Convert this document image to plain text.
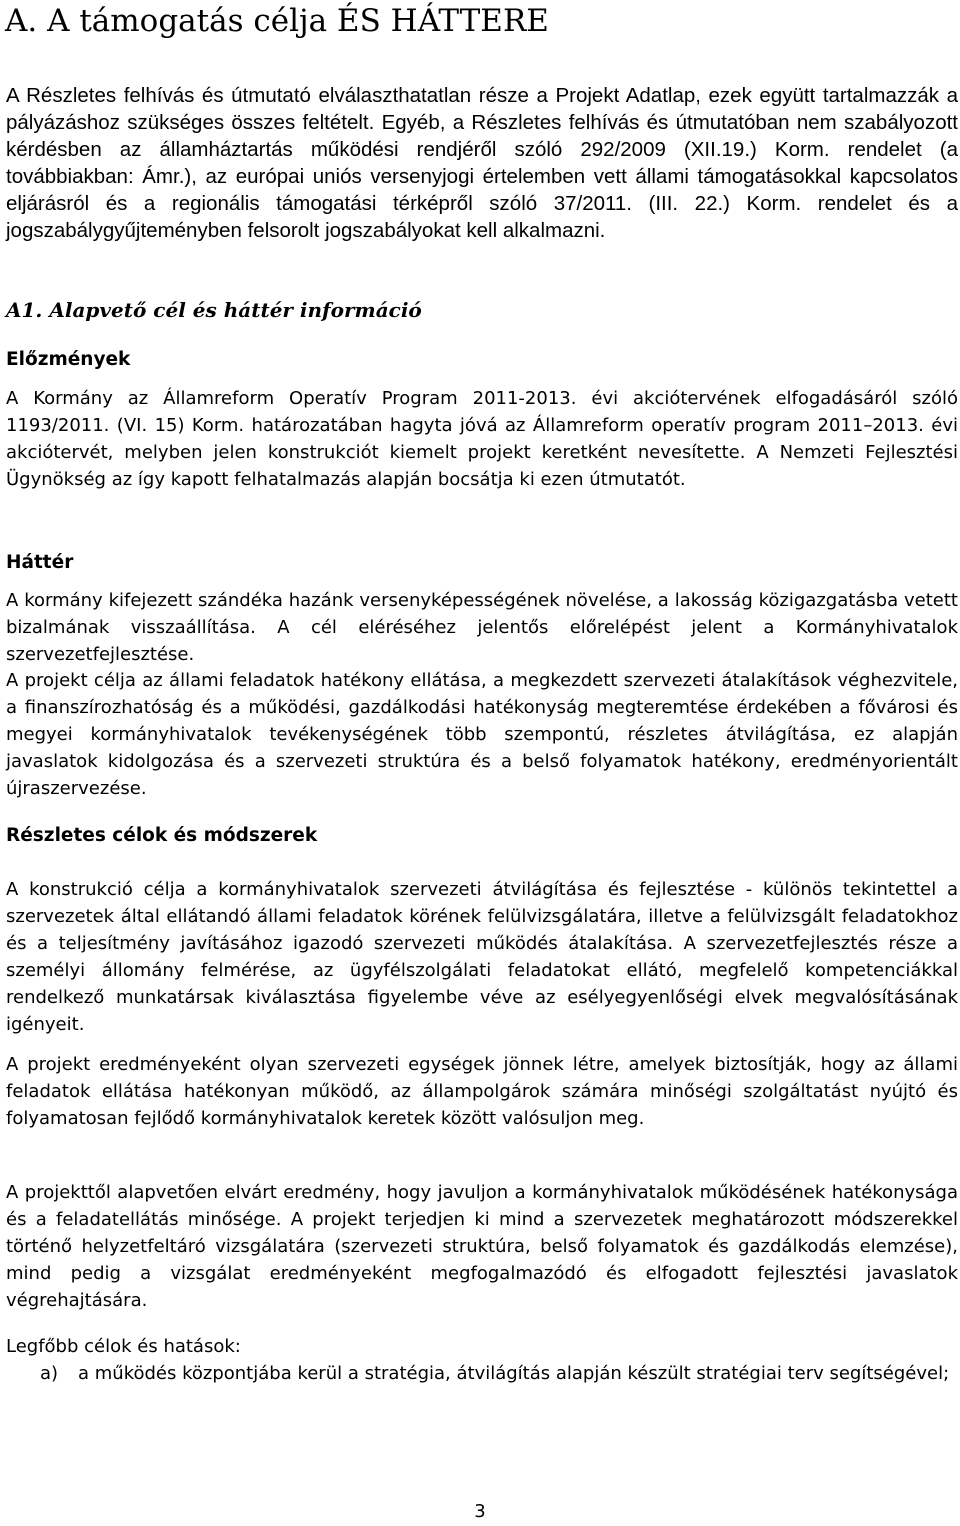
A. A támogatás célja ÉS HÁTTERE
A Részletes felhívás és útmutató elválaszthatatlan része a Projekt Adatlap, ezek együtt tartalmazzák a pályázáshoz szükséges összes feltételt. Egyéb, a Részletes felhívás és útmutatóban nem szabályozott kérdésben az államháztartás működési rendjéről szóló 292/2009 (XII.19.) Korm. rendelet (a továbbiakban: Ámr.), az európai uniós versenyjogi értelemben vett állami támogatásokkal kapcsolatos eljárásról és a regionális támogatási térképről szóló 37/2011. (III. 22.) Korm. rendelet és a jogszabálygyűjteményben felsorolt jogszabályokat kell alkalmazni.
A1. Alapvető cél és háttér információ
Előzmények
A Kormány az Államreform Operatív Program 2011-2013. évi akciótervének elfogadásáról szóló 1193/2011. (VI. 15) Korm. határozatában hagyta jóvá az Államreform operatív program 2011–2013. évi akciótervét, melyben jelen konstrukciót kiemelt projekt keretként nevesítette. A Nemzeti Fejlesztési Ügynökség az így kapott felhatalmazás alapján bocsátja ki ezen útmutatót.
Háttér
A kormány kifejezett szándéka hazánk versenyképességének növelése, a lakosság közigazgatásba vetett bizalmának visszaállítása. A cél eléréséhez jelentős előrelépést jelent a Kormányhivatalok szervezetfejlesztése.
A projekt célja az állami feladatok hatékony ellátása, a megkezdett szervezeti átalakítások véghezvitele, a finanszírozhatóság és a működési, gazdálkodási hatékonyság megteremtése érdekében a fővárosi és megyei kormányhivatalok tevékenységének több szempontú, részletes átvilágítása, ez alapján javaslatok kidolgozása és a szervezeti struktúra és a belső folyamatok hatékony, eredményorientált újraszervezése.
Részletes célok és módszerek
A konstrukció célja a kormányhivatalok szervezeti átvilágítása és fejlesztése - különös tekintettel a szervezetek által ellátandó állami feladatok körének felülvizsgálatára, illetve a felülvizsgált feladatokhoz és a teljesítmény javításához igazodó szervezeti működés átalakítása. A szervezetfejlesztés része a személyi állomány felmérése, az ügyfélszolgálati feladatokat ellátó, megfelelő kompetenciákkal rendelkező munkatársak kiválasztása figyelembe véve az esélyegyenlőségi elvek megvalósításának igényeit.
A projekt eredményeként olyan szervezeti egységek jönnek létre, amelyek biztosítják, hogy az állami feladatok ellátása hatékonyan működő, az állampolgárok számára minőségi szolgáltatást nyújtó és folyamatosan fejlődő kormányhivatalok keretek között valósuljon meg.
A projekttől alapvetően elvárt eredmény, hogy javuljon a kormányhivatalok működésének hatékonysága és a feladatellátás minősége. A projekt terjedjen ki mind a szervezetek meghatározott módszerekkel történő helyzetfeltáró vizsgálatára (szervezeti struktúra, belső folyamatok és gazdálkodás elemzése), mind pedig a vizsgálat eredményeként megfogalmazódó és elfogadott fejlesztési javaslatok végrehajtására.
Legfőbb célok és hatások:
a) a működés központjába kerül a stratégia, átvilágítás alapján készült stratégiai terv segítségével;
3
